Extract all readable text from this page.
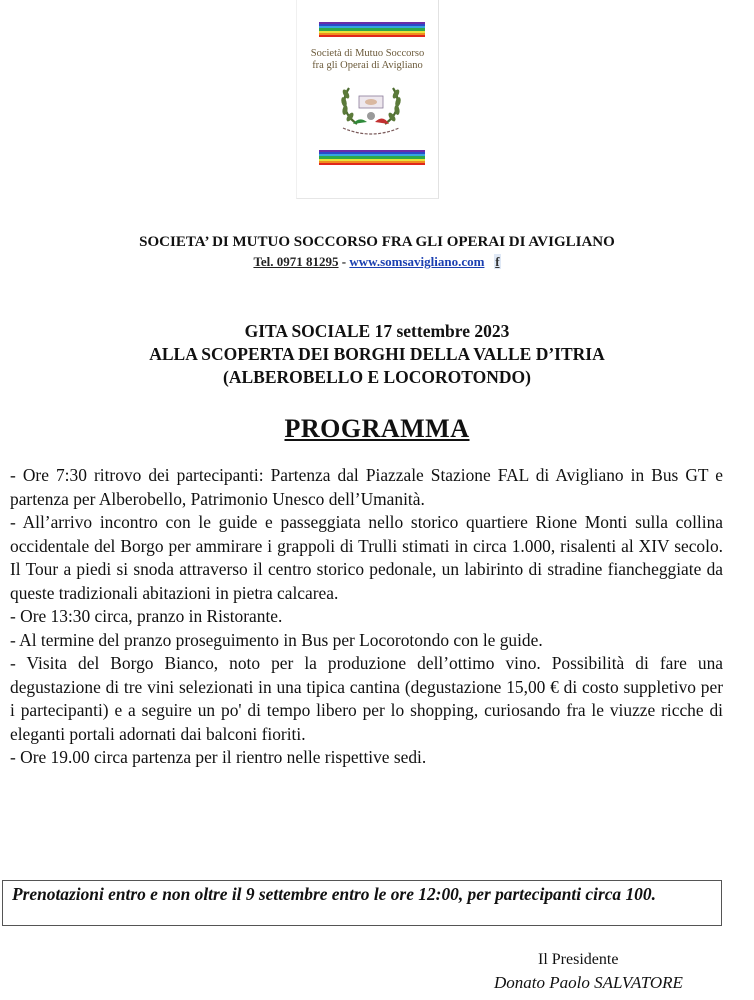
Società di Mutuo Soccorso
fra gli Operai di Avigliano
SOCIETA’ DI MUTUO SOCCORSO FRA GLI OPERAI DI AVIGLIANO
Tel. 0971 81295 - www.somsavigliano.com f
GITA SOCIALE 17 settembre 2023
ALLA SCOPERTA DEI BORGHI DELLA VALLE D’ITRIA
(ALBEROBELLO E LOCOROTONDO)
PROGRAMMA

- Ore 7:30 ritrovo dei partecipanti: Partenza dal Piazzale Stazione FAL di Avigliano in Bus GT e partenza per Alberobello, Patrimonio Unesco dell’Umanità.

- All’arrivo incontro con le guide e passeggiata nello storico quartiere Rione Monti sulla collina occidentale del Borgo per ammirare i grappoli di Trulli stimati in circa 1.000, risalenti al XIV secolo. Il Tour a piedi si snoda attraverso il centro storico pedonale, un labirinto di stradine fiancheggiate da queste tradizionali abitazioni in pietra calcarea.

- Ore 13:30 circa, pranzo in Ristorante.

- Al termine del pranzo proseguimento in Bus per Locorotondo con le guide.

- Visita del Borgo Bianco, noto per la produzione dell’ottimo vino. Possibilità di fare una degustazione di tre vini selezionati in una tipica cantina (degustazione 15,00 € di costo suppletivo per i partecipanti) e a seguire un po' di tempo libero per lo shopping, curiosando fra le viuzze ricche di eleganti portali adornati dai balconi fioriti.

- Ore 19.00 circa partenza per il rientro nelle rispettive sedi.

Prenotazioni entro e non oltre il 9 settembre entro le ore 12:00, per partecipanti circa 100.
Il Presidente
Donato Paolo SALVATORE
